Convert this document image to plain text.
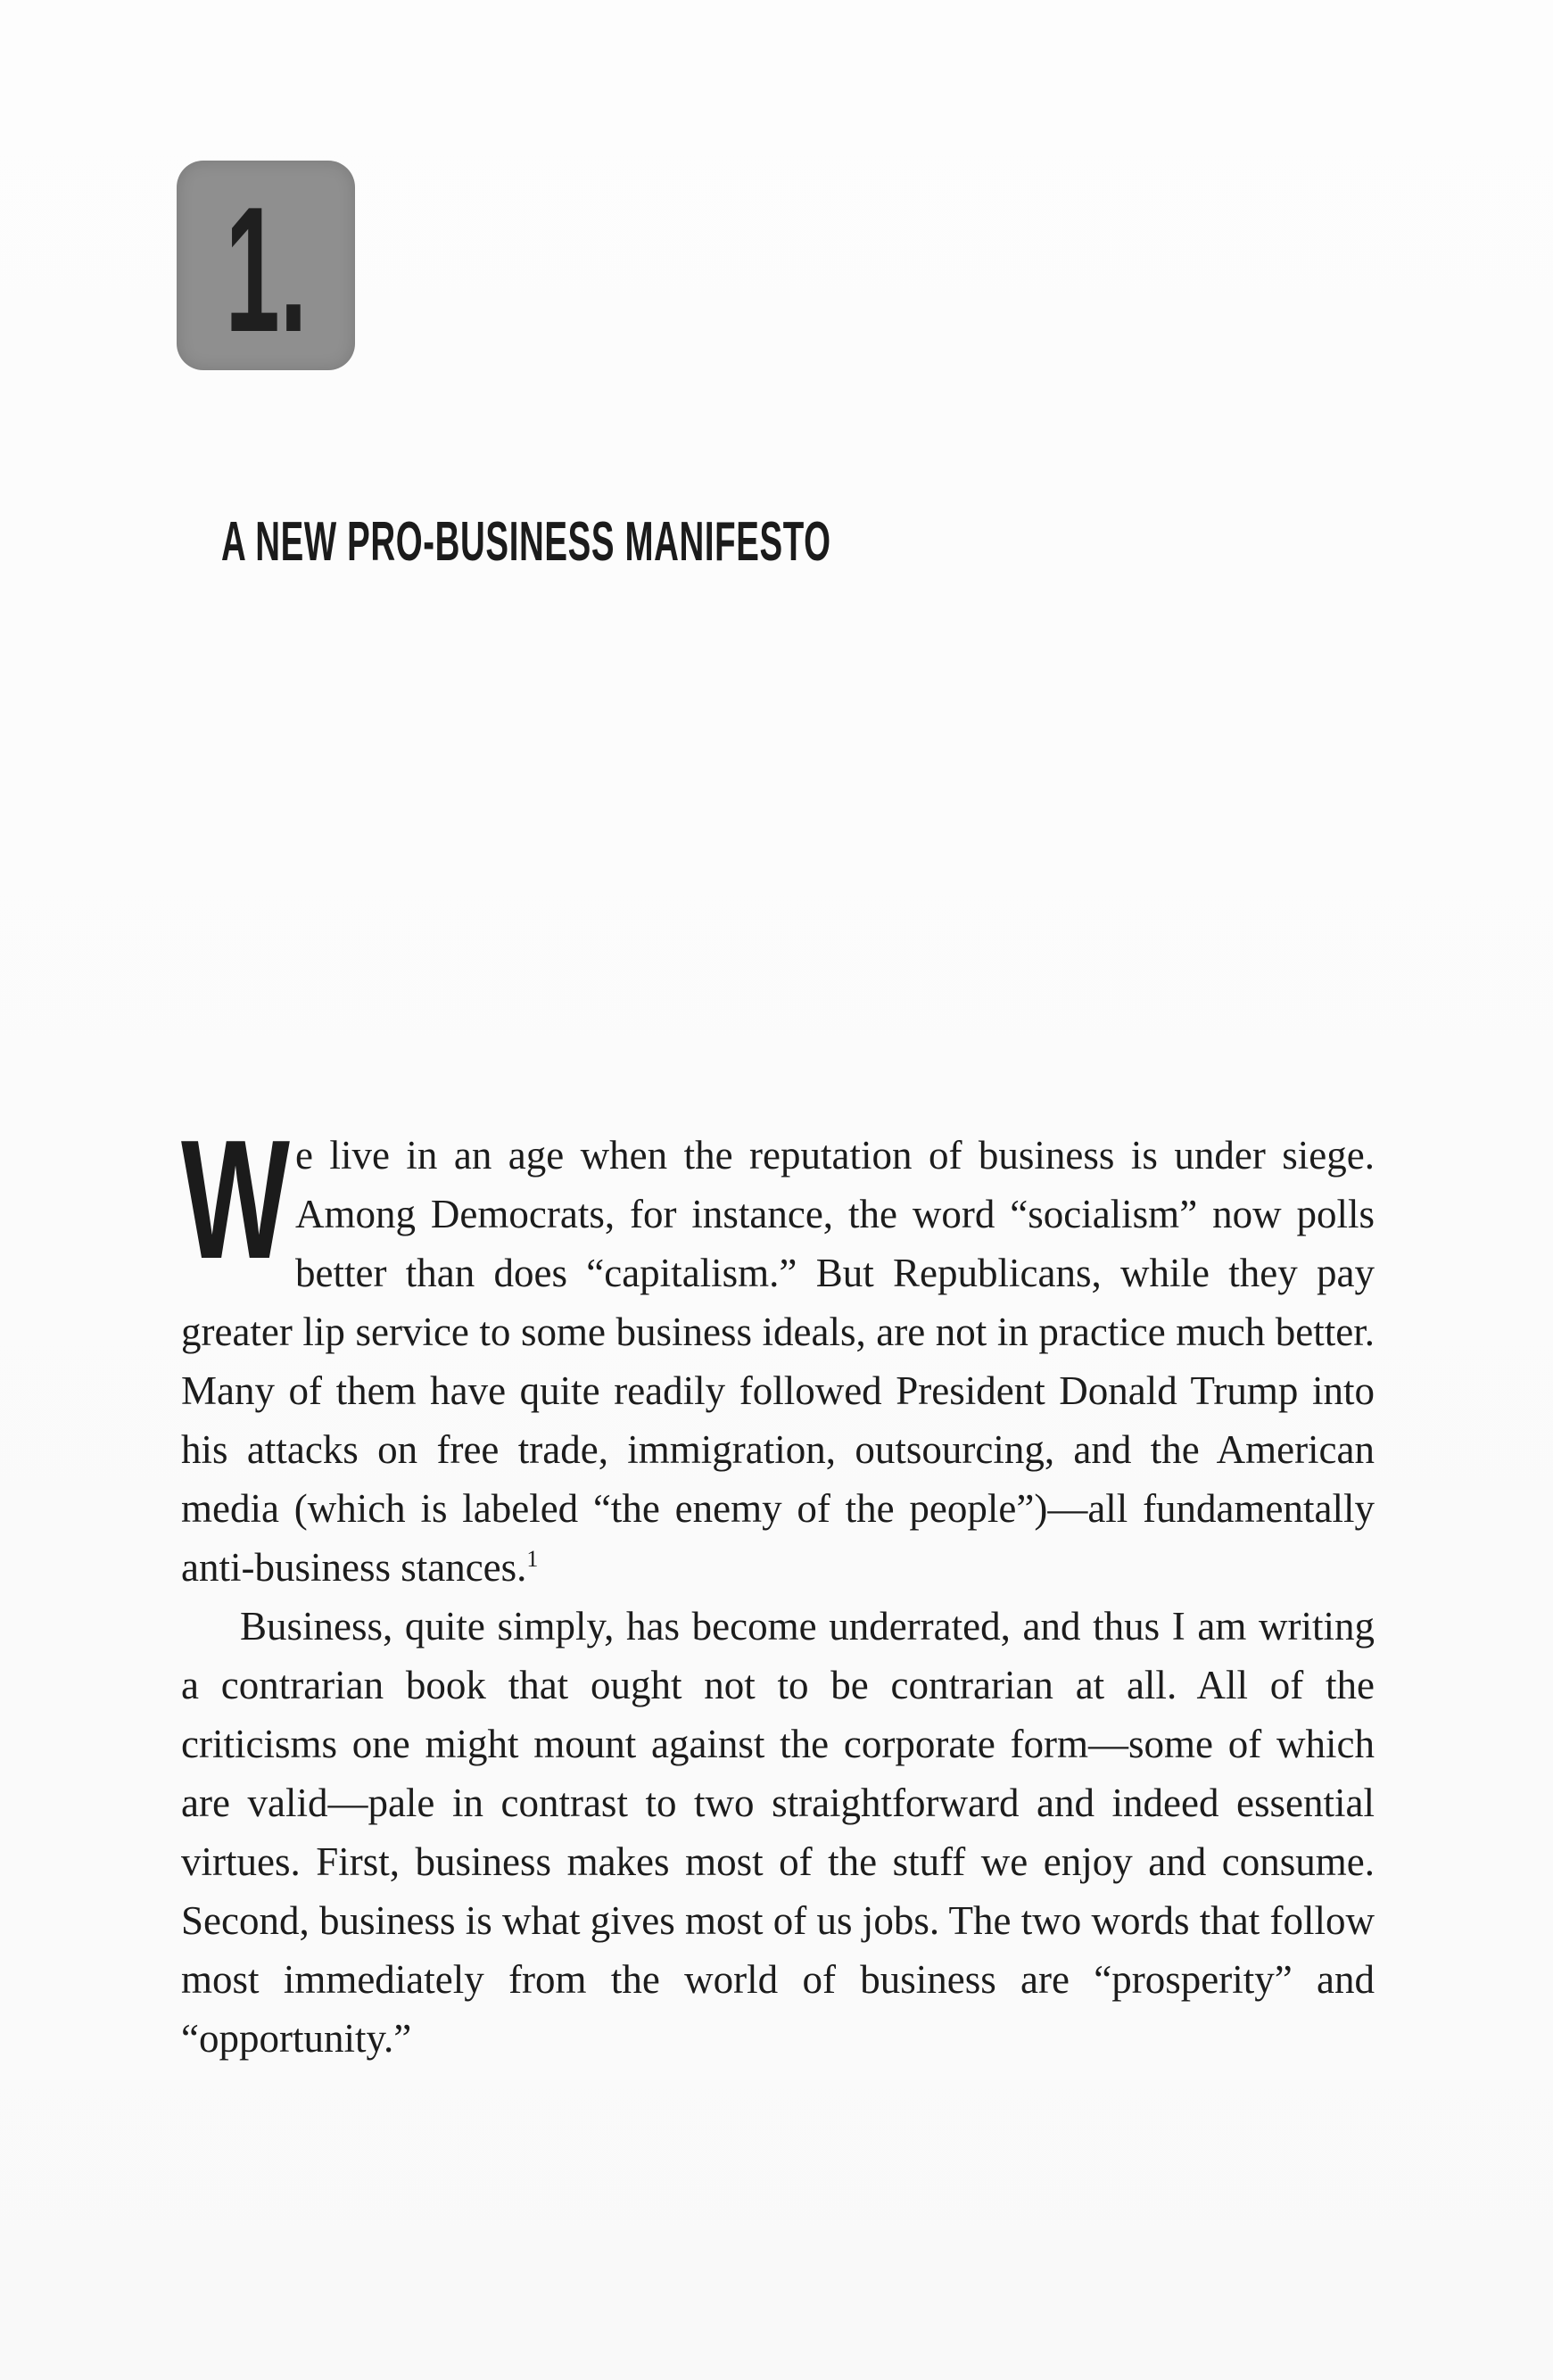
1.
A NEW PRO-BUSINESS MANIFESTO

W e live in an age when the reputation of business is under siege. Among Democrats, for instance, the word “socialism” now polls better than does “capitalism.” But Republicans, while they pay greater lip service to some business ideals, are not in practice much better. Many of them have quite readily followed President Donald Trump into his attacks on free trade, immigration, outsourcing, and the American media (which is labeled “the enemy of the people”)—all fundamentally anti-business stances.$^1$

Business, quite simply, has become underrated, and thus I am writing a contrarian book that ought not to be contrarian at all. All of the criticisms one might mount against the corporate form—some of which are valid—pale in contrast to two straightforward and indeed essential virtues. First, business makes most of the stuff we enjoy and consume. Second, business is what gives most of us jobs. The two words that follow most immediately from the world of business are “prosperity” and “opportunity.”
